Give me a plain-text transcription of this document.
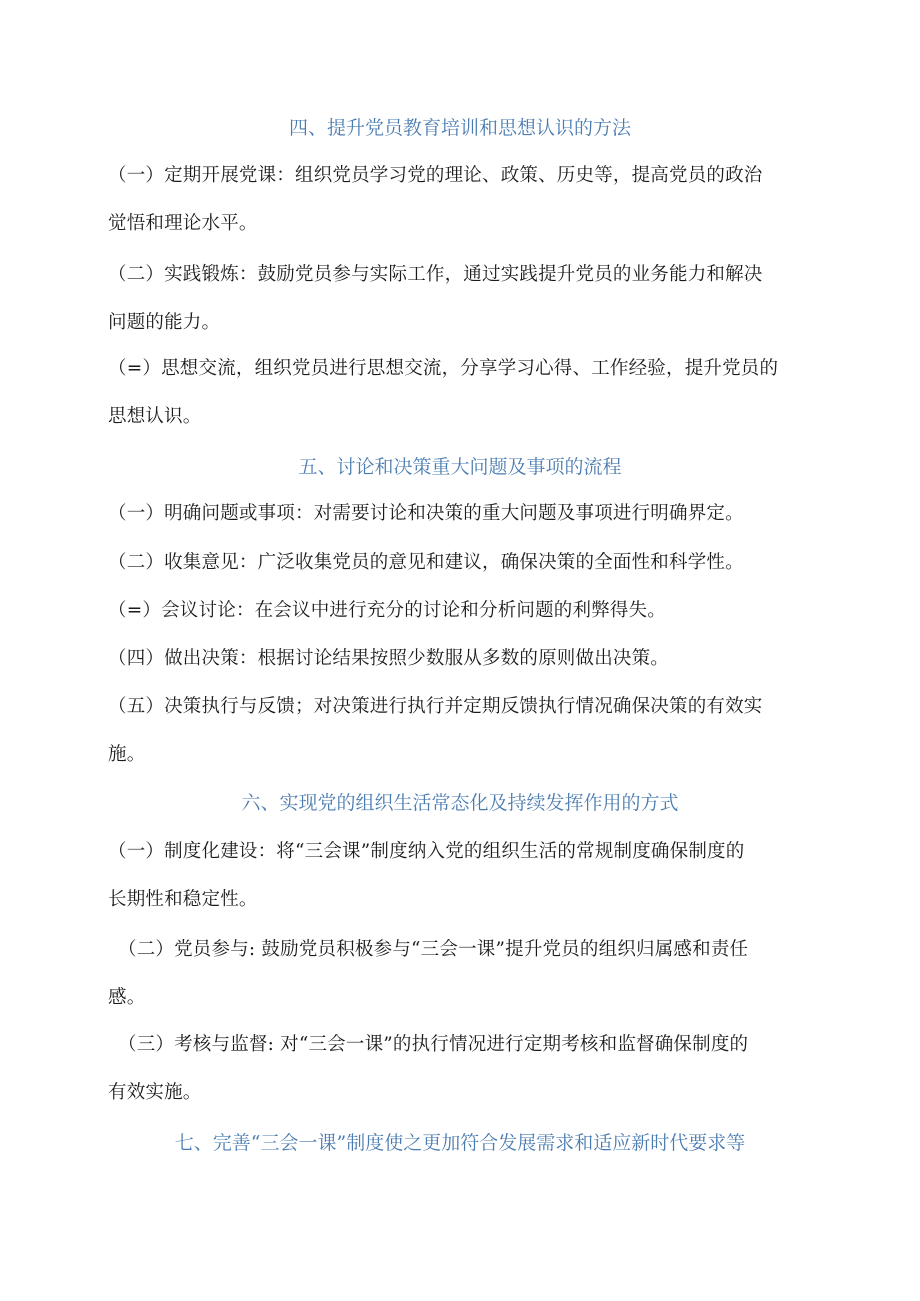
四、提升党员教育培训和思想认识的方法
（一）定期开展党课：组织党员学习党的理论、政策、历史等，提高党员的政治
觉悟和理论水平。
（二）实践锻炼：鼓励党员参与实际工作，通过实践提升党员的业务能力和解决
问题的能力。
（=）思想交流，组织党员进行思想交流，分享学习心得、工作经验，提升党员的
思想认识。
五、讨论和决策重大问题及事项的流程
（一）明确问题或事项：对需要讨论和决策的重大问题及事项进行明确界定。
（二）收集意见：广泛收集党员的意见和建议，确保决策的全面性和科学性。
（=）会议讨论：在会议中进行充分的讨论和分析问题的利弊得失。
（四）做出决策：根据讨论结果按照少数服从多数的原则做出决策。
（五）决策执行与反馈；对决策进行执行并定期反馈执行情况确保决策的有效实
施。
六、实现党的组织生活常态化及持续发挥作用的方式
（一）制度化建设：将“三会课”制度纳入党的组织生活的常规制度确保制度的
长期性和稳定性。
（二）党员参与: 鼓励党员积极参与“三会一课”提升党员的组织归属感和责任
感。
（三）考核与监督: 对“三会一课”的执行情况进行定期考核和监督确保制度的
有效实施。
七、完善“三会一课”制度使之更加符合发展需求和适应新时代要求等
